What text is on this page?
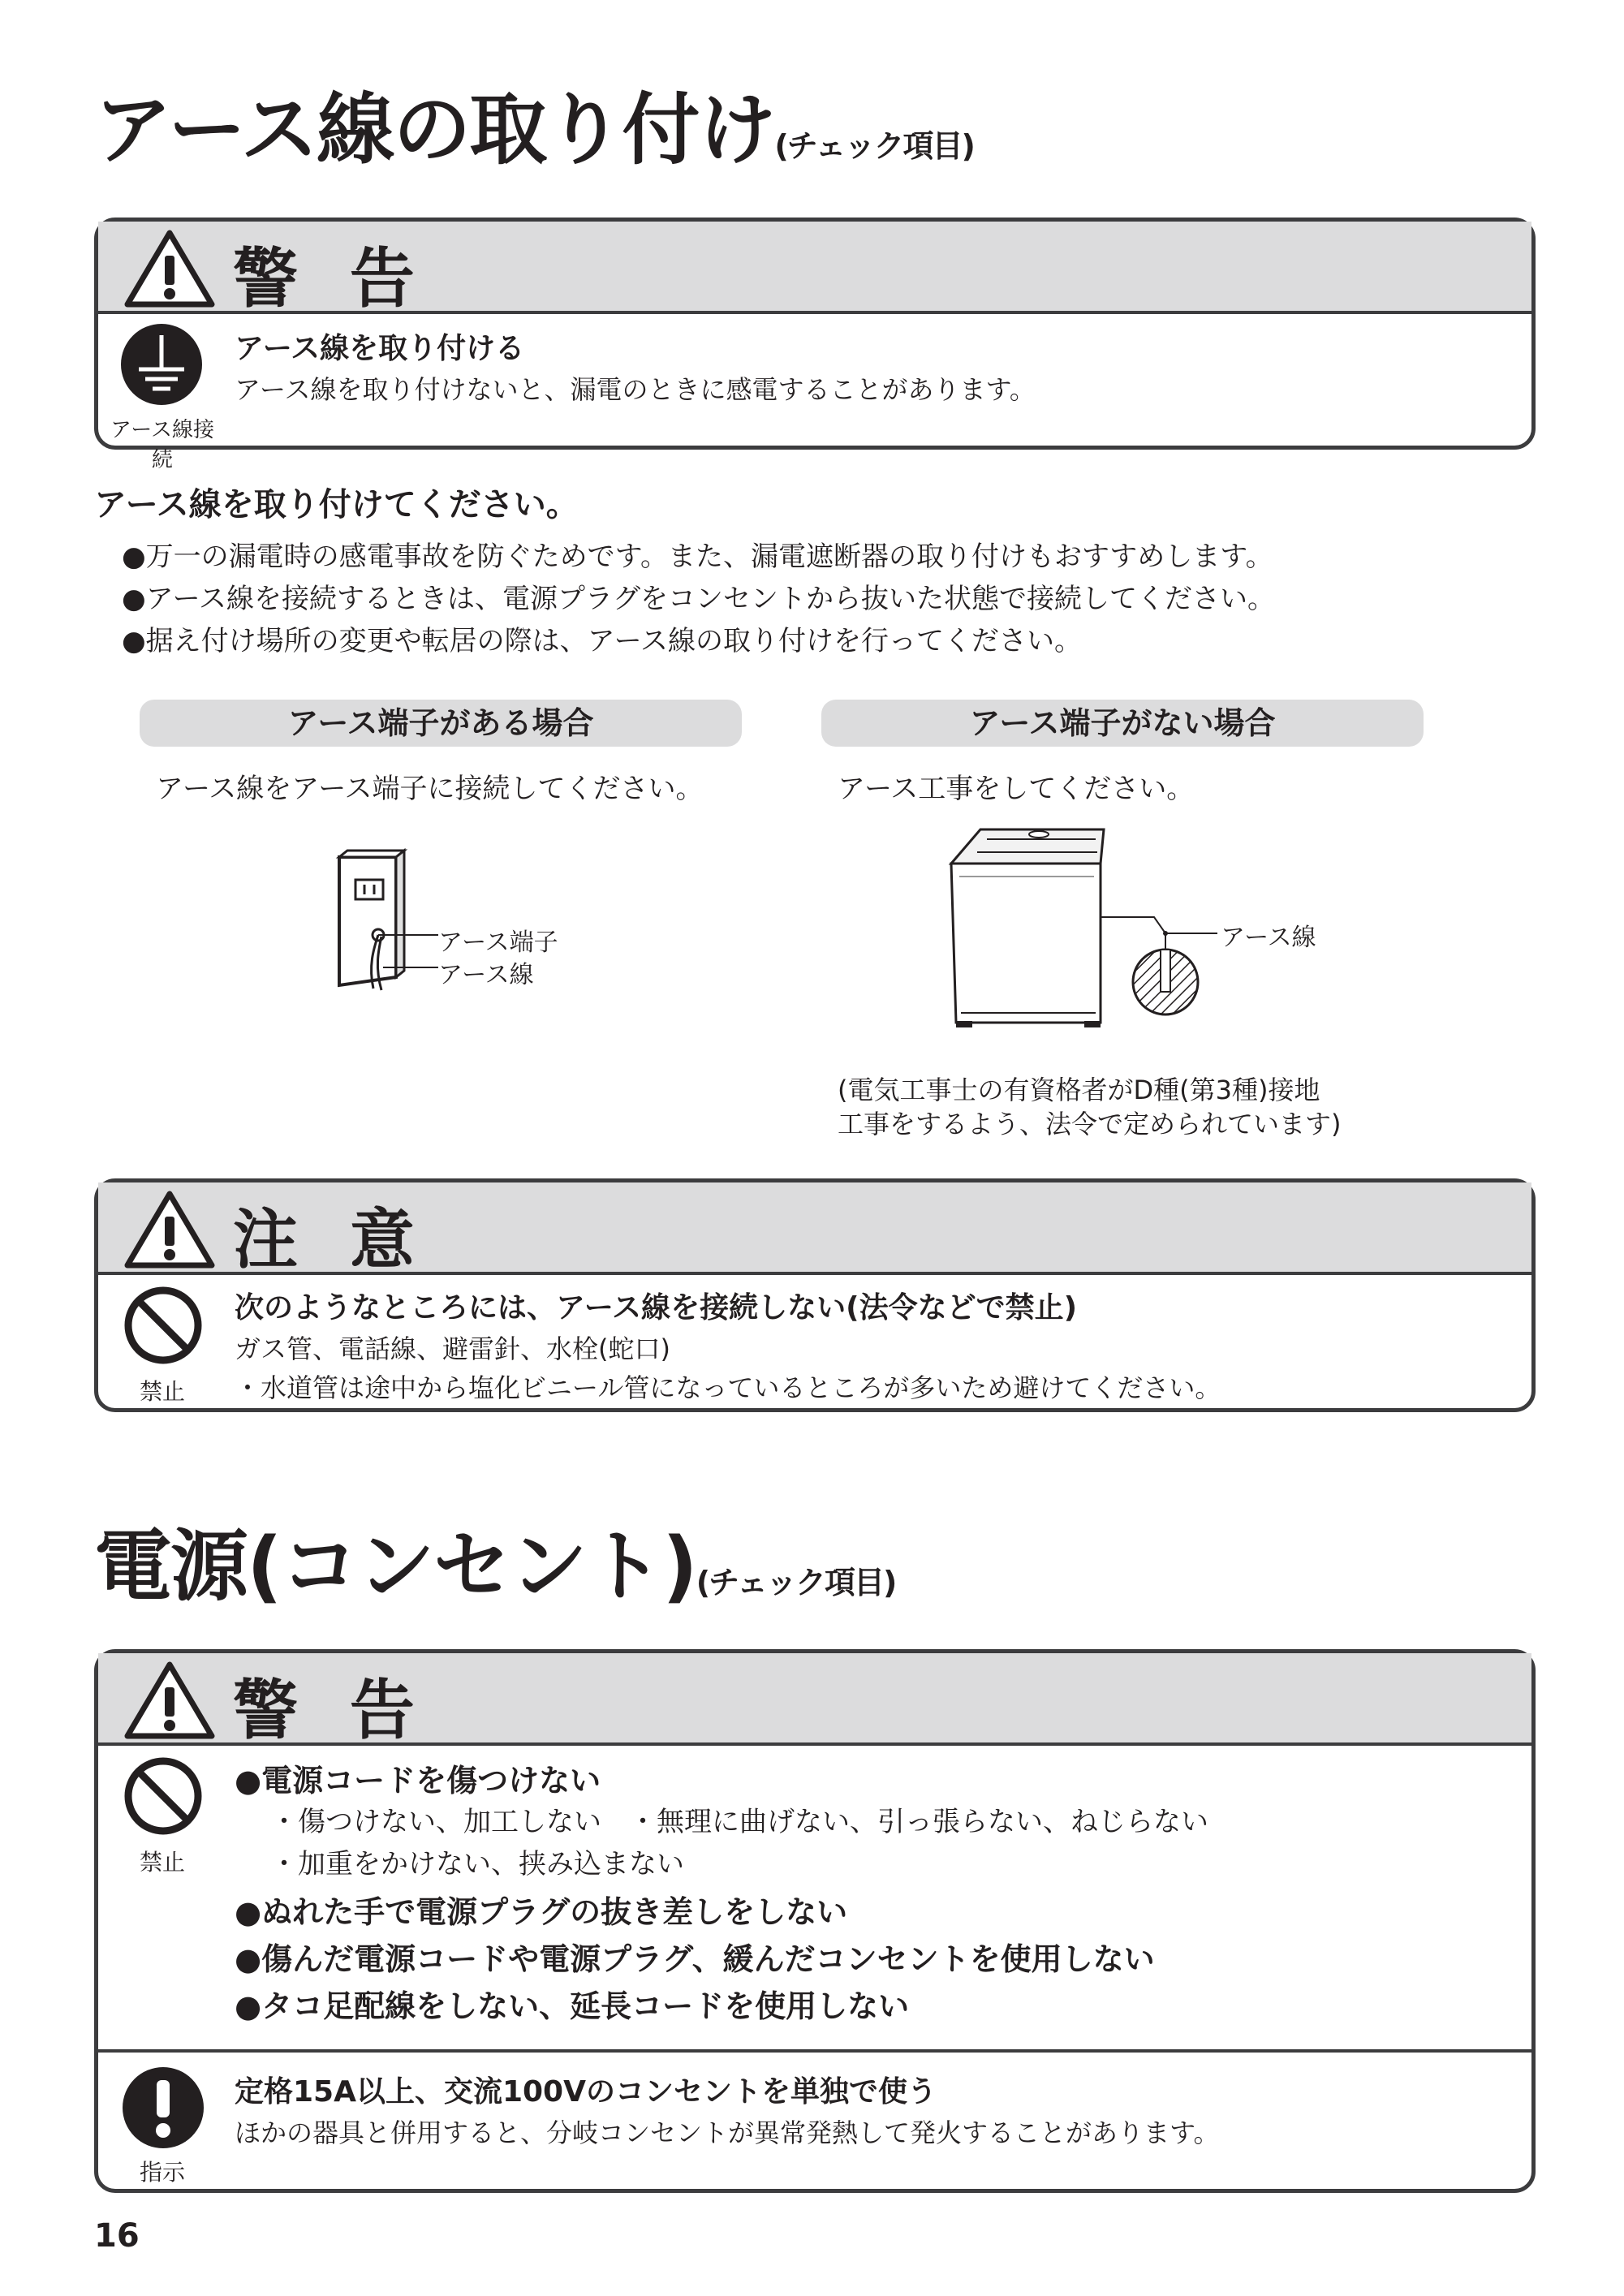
アース線の取り付け(チェック項目)
警 告
アース線接続
アース線を取り付ける
アース線を取り付けないと、漏電のときに感電することがあります。
アース線を取り付けてください。
●万一の漏電時の感電事故を防ぐためです。また、漏電遮断器の取り付けもおすすめします。
●アース線を接続するときは、電源プラグをコンセントから抜いた状態で接続してください。
●据え付け場所の変更や転居の際は、アース線の取り付けを行ってください。
アース端子がある場合	アース端子がない場合
アース線をアース端子に接続してください。	アース工事をしてください。
アース端子
アース線
アース線
(電気工事士の有資格者がD種(第3種)接地
工事をするよう、法令で定められています)
注 意
禁止
次のようなところには、アース線を接続しない(法令などで禁止)
ガス管、電話線、避雷針、水栓(蛇口)
・水道管は途中から塩化ビニール管になっているところが多いため避けてください。
電源(コンセント)(チェック項目)
警 告
禁止
●電源コードを傷つけない
・傷つけない、加工しない　・無理に曲げない、引っ張らない、ねじらない
・加重をかけない、挟み込まない
●ぬれた手で電源プラグの抜き差しをしない
●傷んだ電源コードや電源プラグ、緩んだコンセントを使用しない
●タコ足配線をしない、延長コードを使用しない
指示
定格15A以上、交流100Vのコンセントを単独で使う
ほかの器具と併用すると、分岐コンセントが異常発熱して発火することがあります。
16
